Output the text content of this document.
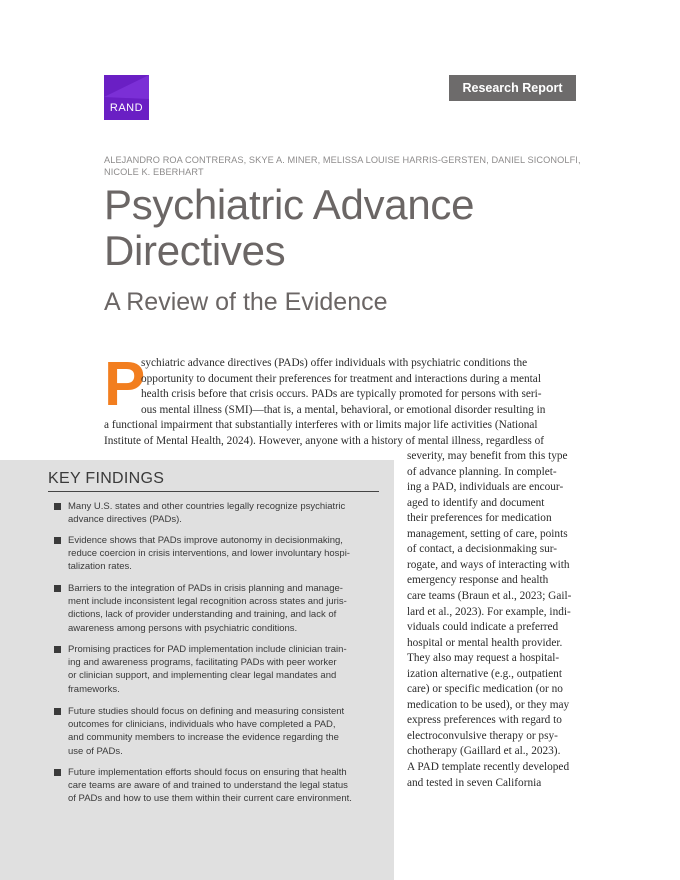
RAND
Research Report
ALEJANDRO ROA CONTRERAS, SKYE A. MINER, MELISSA LOUISE HARRIS-GERSTEN, DANIEL SICONOLFI,
NICOLE K. EBERHART
Psychiatric Advance
Directives
A Review of the Evidence
P
sychiatric advance directives (PADs) offer individuals with psychiatric conditions the
opportunity to document their preferences for treatment and interactions during a mental
health crisis before that crisis occurs. PADs are typically promoted for persons with seri-
ous mental illness (SMI)—that is, a mental, behavioral, or emotional disorder resulting in
a functional impairment that substantially interferes with or limits major life activities (National
Institute of Mental Health, 2024). However, anyone with a history of mental illness, regardless of
severity, may benefit from this type
of advance planning. In complet-
ing a PAD, individuals are encour-
aged to identify and document
their preferences for medication
management, setting of care, points
of contact, a decisionmaking sur-
rogate, and ways of interacting with
emergency response and health
care teams (Braun et al., 2023; Gail-
lard et al., 2023). For example, indi-
viduals could indicate a preferred
hospital or mental health provider.
They also may request a hospital-
ization alternative (e.g., outpatient
care) or specific medication (or no
medication to be used), or they may
express preferences with regard to
electroconvulsive therapy or psy-
chotherapy (Gaillard et al., 2023).
A PAD template recently developed
and tested in seven California
KEY FINDINGS
Many U.S. states and other countries legally recognize psychiatric
advance directives (PADs).
Evidence shows that PADs improve autonomy in decisionmaking,
reduce coercion in crisis interventions, and lower involuntary hospi-
talization rates.
Barriers to the integration of PADs in crisis planning and manage-
ment include inconsistent legal recognition across states and juris-
dictions, lack of provider understanding and training, and lack of
awareness among persons with psychiatric conditions.
Promising practices for PAD implementation include clinician train-
ing and awareness programs, facilitating PADs with peer worker
or clinician support, and implementing clear legal mandates and
frameworks.
Future studies should focus on defining and measuring consistent
outcomes for clinicians, individuals who have completed a PAD,
and community members to increase the evidence regarding the
use of PADs.
Future implementation efforts should focus on ensuring that health
care teams are aware of and trained to understand the legal status
of PADs and how to use them within their current care environment.
